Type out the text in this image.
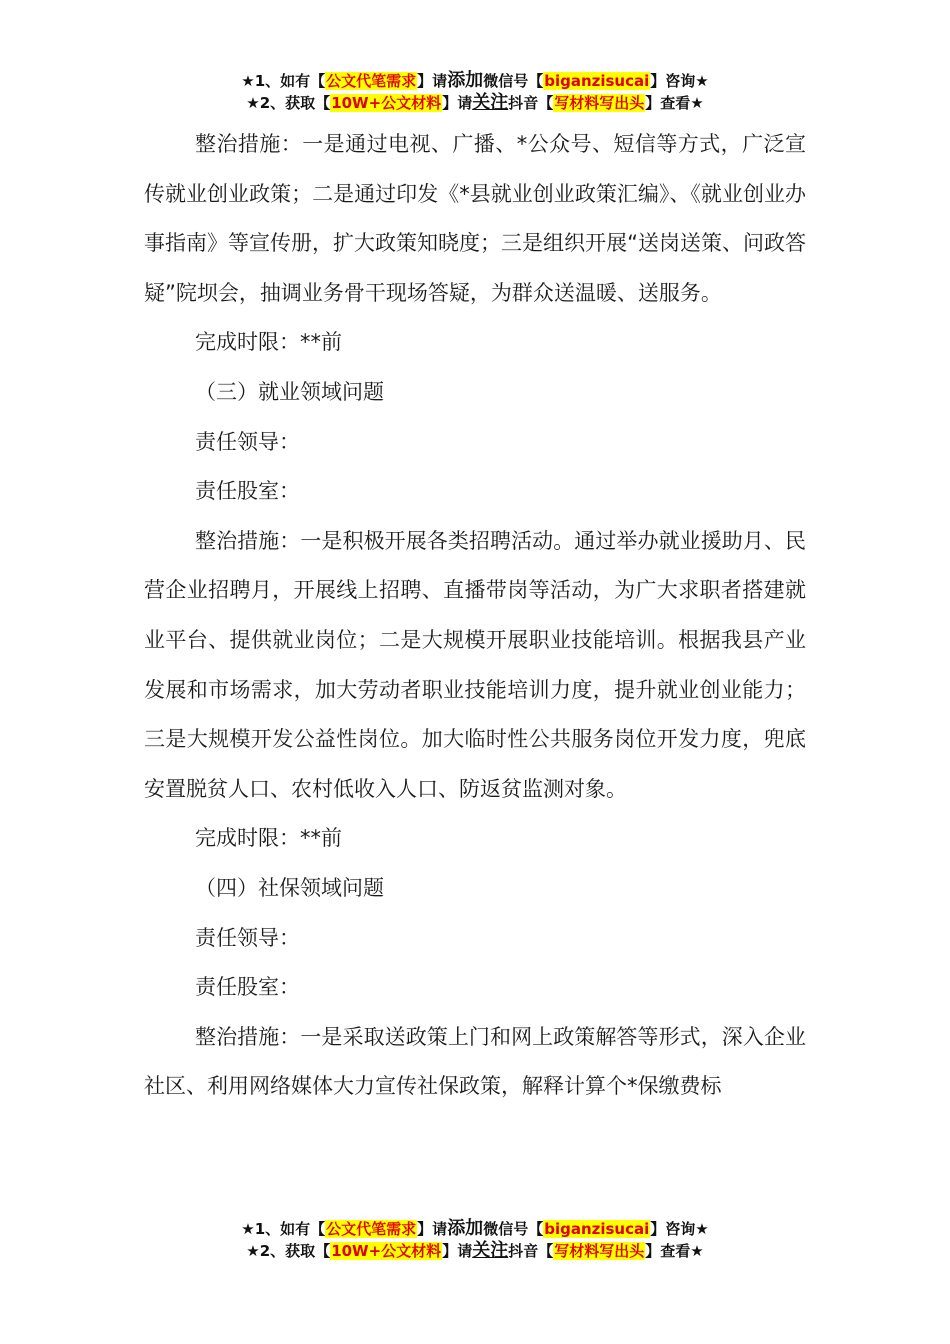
★1、如有【公文代笔需求】请添加微信号【biganzisucai】咨询★
★2、获取【10W+公文材料】请关注抖音【写材料写出头】查看★

整治措施：一是通过电视、广播、*公众号、短信等方式，广泛宣传就业创业政策；二是通过印发《*县就业创业政策汇编》、《就业创业办事指南》等宣传册，扩大政策知晓度；三是组织开展“送岗送策、问政答疑”院坝会，抽调业务骨干现场答疑，为群众送温暖、送服务。

完成时限：**前

（三）就业领域问题

责任领导：

责任股室：

整治措施：一是积极开展各类招聘活动。通过举办就业援助月、民营企业招聘月，开展线上招聘、直播带岗等活动，为广大求职者搭建就业平台、提供就业岗位；二是大规模开展职业技能培训。根据我县产业发展和市场需求，加大劳动者职业技能培训力度，提升就业创业能力；三是大规模开发公益性岗位。加大临时性公共服务岗位开发力度，兜底安置脱贫人口、农村低收入人口、防返贫监测对象。

完成时限：**前

（四）社保领域问题

责任领导：

责任股室：

整治措施：一是采取送政策上门和网上政策解答等形式，深入企业社区、利用网络媒体大力宣传社保政策，解释计算个*保缴费标

★1、如有【公文代笔需求】请添加微信号【biganzisucai】咨询★
★2、获取【10W+公文材料】请关注抖音【写材料写出头】查看★
